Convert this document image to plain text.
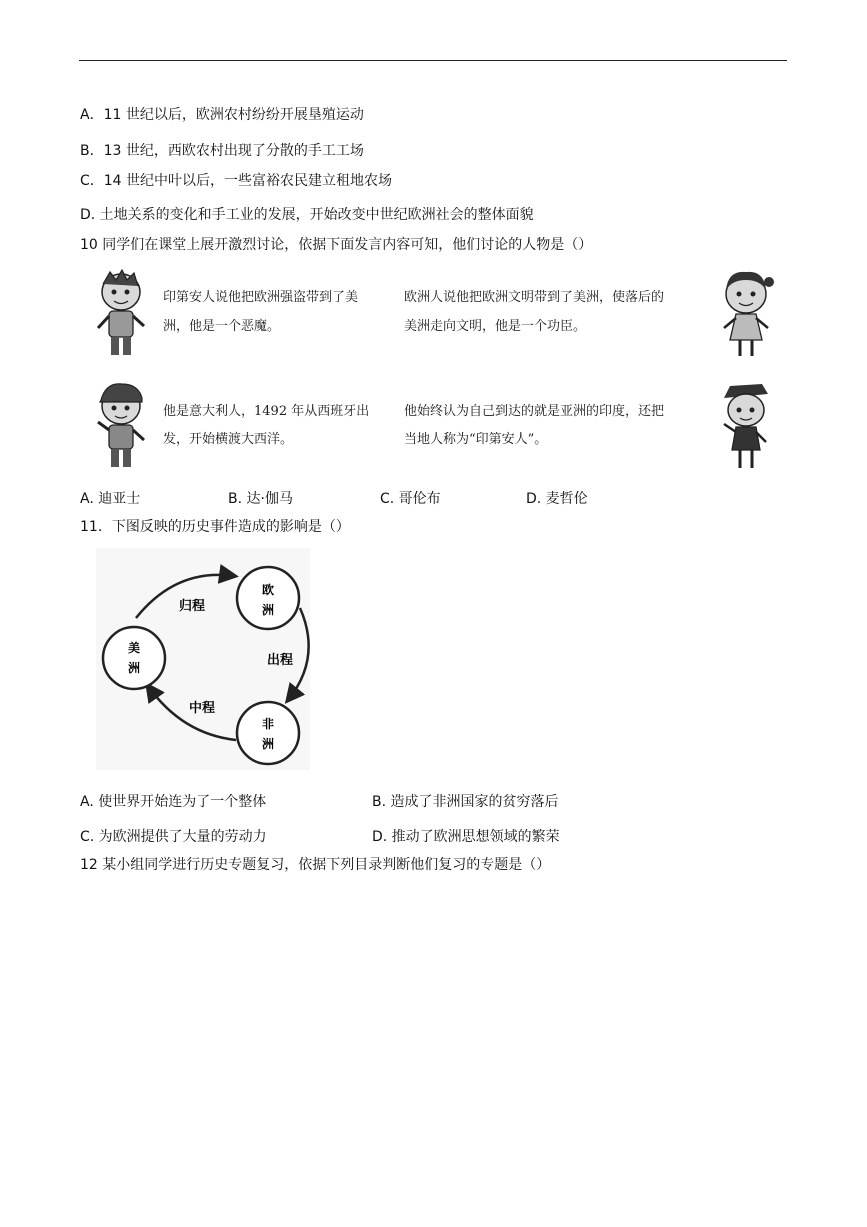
A．11 世纪以后，欧洲农村纷纷开展垦殖运动
B．13 世纪，西欧农村出现了分散的手工工场
C．14 世纪中叶以后，一些富裕农民建立租地农场
D. 土地关系的变化和手工业的发展，开始改变中世纪欧洲社会的整体面貌
10 同学们在课堂上展开激烈讨论，依据下面发言内容可知，他们讨论的人物是（）
印第安人说他把欧洲强盗带到了美
洲，他是一个恶魔。
欧洲人说他把欧洲文明带到了美洲，使落后的
美洲走向文明，他是一个功臣。
他是意大利人，1492 年从西班牙出
发，开始横渡大西洋。
他始终认为自己到达的就是亚洲的印度，还把
当地人称为“印第安人”。
A. 迪亚士	B. 达·伽马	C. 哥伦布	D. 麦哲伦
11．下图反映的历史事件造成的影响是（）
欧
洲
美
洲
非
洲
归程
出程
中程
A. 使世界开始连为了一个整体	B. 造成了非洲国家的贫穷落后
C. 为欧洲提供了大量的劳动力	D. 推动了欧洲思想领域的繁荣
12 某小组同学进行历史专题复习，依据下列目录判断他们复习的专题是（）
